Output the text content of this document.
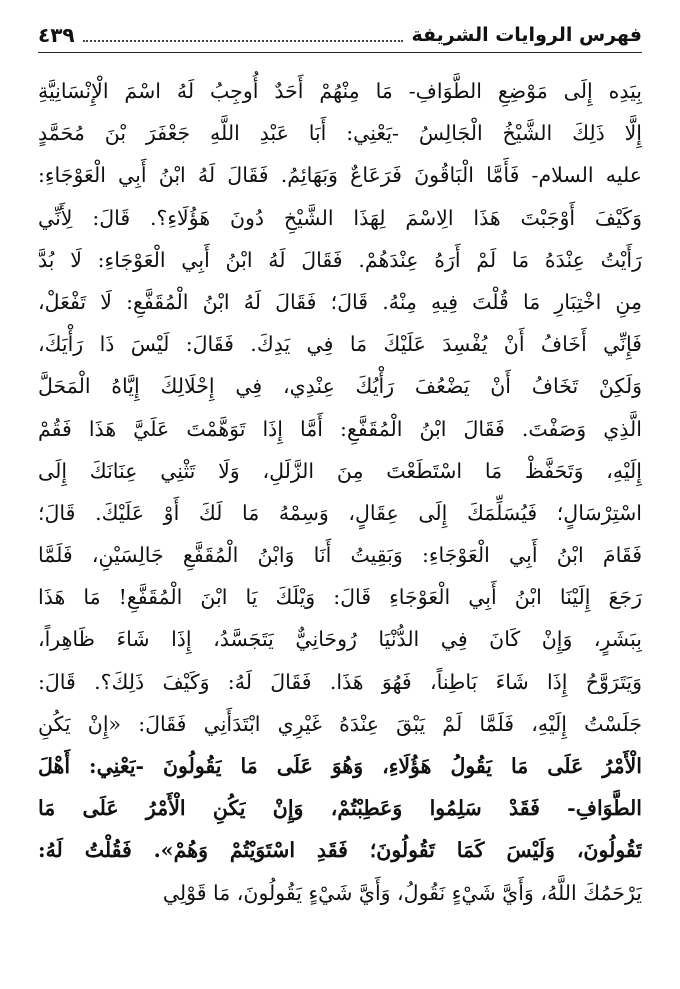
فهرس الروايات الشريفة
٤٣٩
بِيَدِه إِلَى مَوْضِعِ الطَّوَافِ- مَا مِنْهُمْ أَحَدٌ أُوجِبُ لَهُ اسْمَ الْإِنْسَانِيَّةِ
إِلَّا ذَلِكَ الشَّيْخُ الْجَالِسُ -يَعْنِي: أَبَا عَبْدِ اللَّهِ جَعْفَرَ بْنَ مُحَمَّدٍ
عليه السلام- فَأَمَّا الْبَاقُونَ فَرَعَاعٌ وَبَهَائِمُ. فَقَالَ لَهُ ابْنُ أَبِي الْعَوْجَاءِ:
وَكَيْفَ أَوْجَبْتَ هَذَا الِاسْمَ لِهَذَا الشَّيْخِ دُونَ هَؤُلَاءِ؟. قَالَ: لِأَنِّي
رَأَيْتُ عِنْدَهُ مَا لَمْ أَرَهُ عِنْدَهُمْ. فَقَالَ لَهُ ابْنُ أَبِي الْعَوْجَاءِ: لَا بُدَّ
مِنِ اخْتِبَارِ مَا قُلْتَ فِيهِ مِنْهُ. قَالَ؛ فَقَالَ لَهُ ابْنُ الْمُقَفَّعِ: لَا تَفْعَلْ،
فَإِنِّي أَخَافُ أَنْ يُفْسِدَ عَلَيْكَ مَا فِي يَدِكَ. فَقَالَ: لَيْسَ ذَا رَأْيَكَ،
وَلَكِنْ تَخَافُ أَنْ يَضْعُفَ رَأْيُكَ عِنْدِي، فِي إِحْلَالِكَ إِيَّاهُ الْمَحَلَّ
الَّذِي وَصَفْتَ. فَقَالَ ابْنُ الْمُقَفَّعِ: أَمَّا إِذَا تَوَهَّمْتَ عَلَيَّ هَذَا فَقُمْ
إِلَيْهِ، وَتَحَفَّظْ مَا اسْتَطَعْتَ مِنَ الزَّلَلِ، وَلَا تَثْنِي عِنَانَكَ إِلَى
اسْتِرْسَالٍ؛ فَيُسَلِّمَكَ إِلَى عِقَالٍ، وَسِمْهُ مَا لَكَ أَوْ عَلَيْكَ. قَالَ؛
فَقَامَ ابْنُ أَبِي الْعَوْجَاءِ: وَبَقِيتُ أَنَا وَابْنُ الْمُقَفَّعِ جَالِسَيْنِ، فَلَمَّا
رَجَعَ إِلَيْنَا ابْنُ أَبِي الْعَوْجَاءِ قَالَ: وَيْلَكَ يَا ابْنَ الْمُقَفَّعِ! مَا هَذَا
بِبَشَرٍ، وَإِنْ كَانَ فِي الدُّنْيَا رُوحَانِيٌّ يَتَجَسَّدُ، إِذَا شَاءَ ظَاهِراً،
وَيَتَرَوَّحُ إِذَا شَاءَ بَاطِناً، فَهُوَ هَذَا. فَقَالَ لَهُ: وَكَيْفَ ذَلِكَ؟. قَالَ:
جَلَسْتُ إِلَيْهِ، فَلَمَّا لَمْ يَبْقَ عِنْدَهُ غَيْرِي ابْتَدَأَنِي فَقَالَ: «إِنْ يَكُنِ
الْأَمْرُ عَلَى مَا يَقُولُ هَؤُلَاءِ، وَهُوَ عَلَى مَا يَقُولُونَ -يَعْنِي: أَهْلَ
الطَّوَافِ- فَقَدْ سَلِمُوا وَعَطِبْتُمْ، وَإِنْ يَكُنِ الْأَمْرُ عَلَى مَا
تَقُولُونَ، وَلَيْسَ كَمَا تَقُولُونَ؛ فَقَدِ اسْتَوَيْتُمْ وَهُمْ». فَقُلْتُ لَهُ:
يَرْحَمُكَ اللَّهُ، وَأَيَّ شَيْءٍ نَقُولُ، وَأَيَّ شَيْءٍ يَقُولُونَ، مَا قَوْلِي
